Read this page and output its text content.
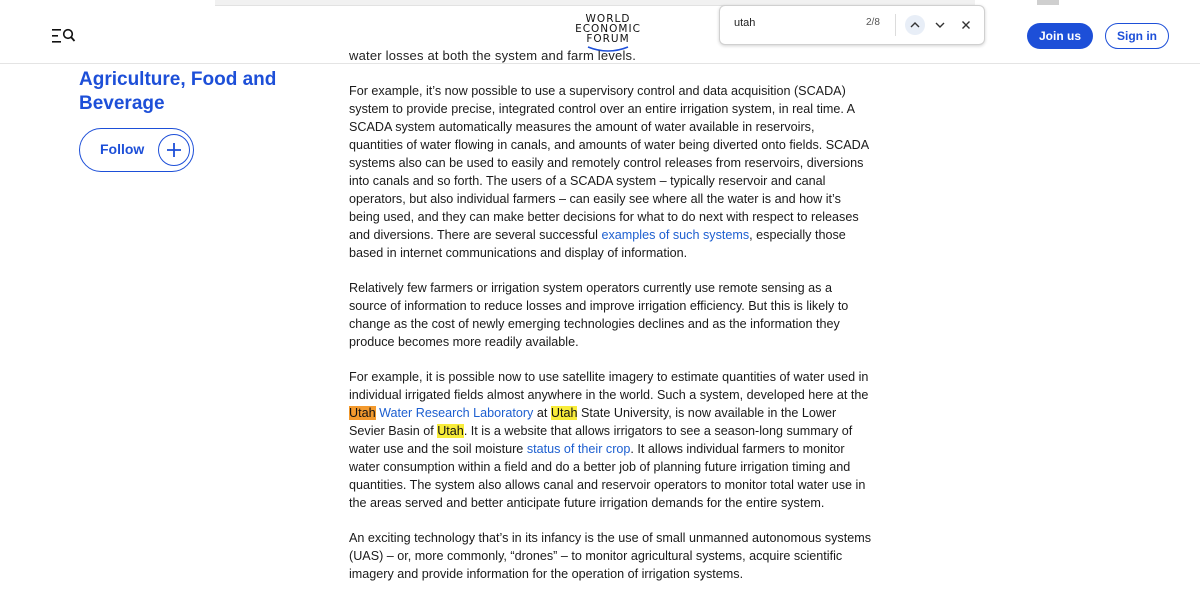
WORLD
ECONOMIC
FORUM
utah	2/8
Join us	Sign in
water losses at both the system and farm levels.
Agriculture, Food and
Beverage
Follow

For example, it’s now possible to use a supervisory control and data acquisition (SCADA) system to provide precise, integrated control over an entire irrigation system, in real time. A SCADA system automatically measures the amount of water available in reservoirs, quantities of water flowing in canals, and amounts of water being diverted onto fields. SCADA systems also can be used to easily and remotely control releases from reservoirs, diversions into canals and so forth. The users of a SCADA system – typically reservoir and canal operators, but also individual farmers – can easily see where all the water is and how it’s being used, and they can make better decisions for what to do next with respect to releases and diversions. There are several successful examples of such systems, especially those based in internet communications and display of information.

Relatively few farmers or irrigation system operators currently use remote sensing as a source of information to reduce losses and improve irrigation efficiency. But this is likely to change as the cost of newly emerging technologies declines and as the information they produce becomes more readily available.

For example, it is possible now to use satellite imagery to estimate quantities of water used in individual irrigated fields almost anywhere in the world. Such a system, developed here at the Utah Water Research Laboratory at Utah State University, is now available in the Lower Sevier Basin of Utah. It is a website that allows irrigators to see a season-long summary of water use and the soil moisture status of their crop. It allows individual farmers to monitor water consumption within a field and do a better job of planning future irrigation timing and quantities. The system also allows canal and reservoir operators to monitor total water use in the areas served and better anticipate future irrigation demands for the entire system.

An exciting technology that’s in its infancy is the use of small unmanned autonomous systems (UAS) – or, more commonly, “drones” – to monitor agricultural systems, acquire scientific imagery and provide information for the operation of irrigation systems.
